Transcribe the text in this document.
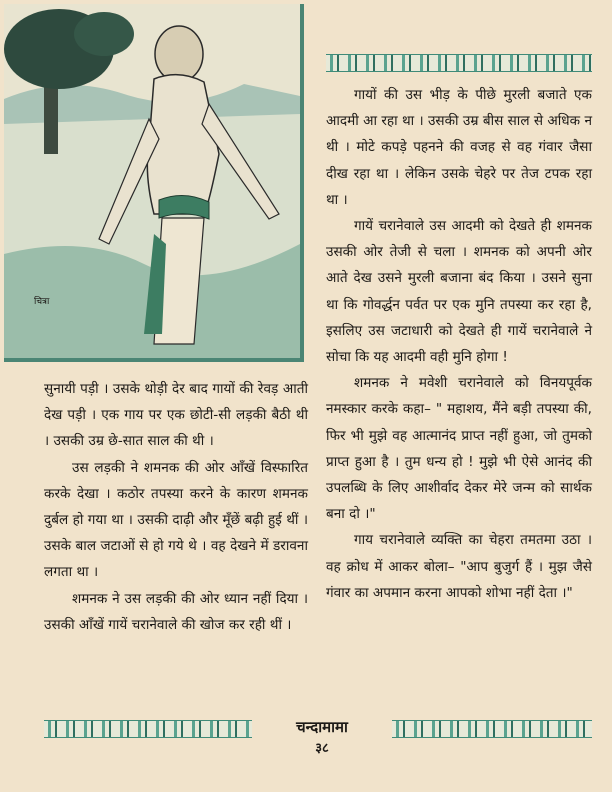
चित्रा

गायों की उस भीड़ के पीछे मुरली बजाते एक आदमी आ रहा था । उसकी उम्र बीस साल से अधिक न थी । मोटे कपड़े पहनने की वजह से वह गंवार जैसा दीख रहा था । लेकिन उसके चेहरे पर तेज टपक रहा था ।

गायें चरानेवाले उस आदमी को देखते ही शमनक उसकी ओर तेजी से चला । शमनक को अपनी ओर आते देख उसने मुरली बजाना बंद किया । उसने सुना था कि गोवर्द्धन पर्वत पर एक मुनि तपस्या कर रहा है, इसलिए उस जटाधारी को देखते ही गायें चरानेवाले ने सोचा कि यह आदमी वही मुनि होगा !

शमनक ने मवेशी चरानेवाले को विनयपूर्वक नमस्कार करके कहा– " महाशय, मैंने बड़ी तपस्या की, फिर भी मुझे वह आत्मानंद प्राप्त नहीं हुआ, जो तुमको प्राप्त हुआ है । तुम धन्य हो ! मुझे भी ऐसे आनंद की उपलब्धि के लिए आशीर्वाद देकर मेरे जन्म को सार्थक बना दो ।"

गाय चरानेवाले व्यक्ति का चेहरा तमतमा उठा । वह क्रोध में आकर बोला– "आप बुजुर्ग हैं । मुझ जैसे गंवार का अपमान करना आपको शोभा नहीं देता ।"

सुनायी पड़ी । उसके थोड़ी देर बाद गायों की रेवड़ आती देख पड़ी । एक गाय पर एक छोटी-सी लड़की बैठी थी । उसकी उम्र छे-सात साल की थी ।

उस लड़की ने शमनक की ओर आँखें विस्फारित करके देखा । कठोर तपस्या करने के कारण शमनक दुर्बल हो गया था । उसकी दाढ़ी और मूँछें बढ़ी हुई थीं । उसके बाल जटाओं से हो गये थे । वह देखने में डरावना लगता था ।

शमनक ने उस लड़की की ओर ध्यान नहीं दिया । उसकी आँखें गायें चरानेवाले की खोज कर रही थीं ।

चन्दामामा
३८
